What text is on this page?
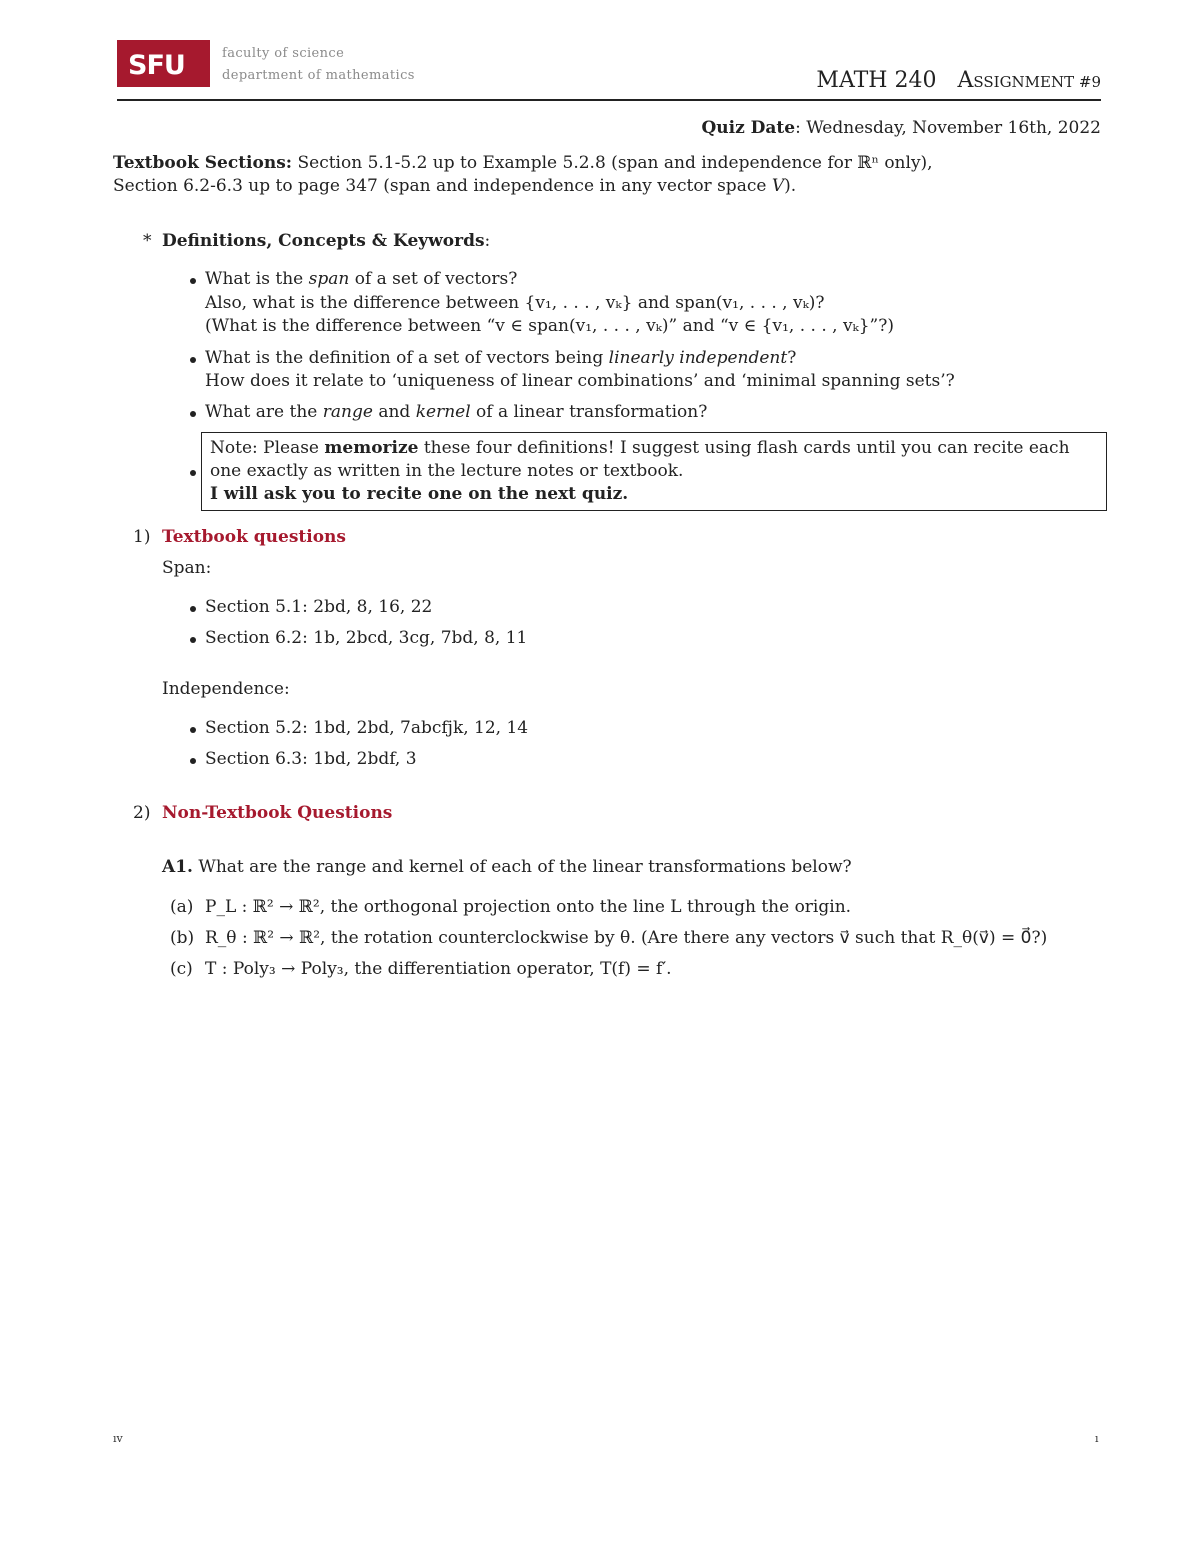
SFU	faculty of science
department of mathematics	MATH 240 ASSIGNMENT #9
Quiz Date: Wednesday, November 16th, 2022
Textbook Sections: Section 5.1-5.2 up to Example 5.2.8 (span and independence for ℝⁿ only),
Section 6.2-6.3 up to page 347 (span and independence in any vector space V).
* Definitions, Concepts & Keywords:
What is the span of a set of vectors?
Also, what is the difference between {v₁, . . . , vₖ} and span(v₁, . . . , vₖ)?
(What is the difference between “v ∈ span(v₁, . . . , vₖ)” and “v ∈ {v₁, . . . , vₖ}”?)
What is the definition of a set of vectors being linearly independent?
How does it relate to ‘uniqueness of linear combinations’ and ‘minimal spanning sets’?
What are the range and kernel of a linear transformation?
Note: Please memorize these four definitions! I suggest using flash cards until you can recite each
one exactly as written in the lecture notes or textbook.
I will ask you to recite one on the next quiz.
1) Textbook questions
Span:
Section 5.1: 2bd, 8, 16, 22
Section 6.2: 1b, 2bcd, 3cg, 7bd, 8, 11
Independence:
Section 5.2: 1bd, 2bd, 7abcfjk, 12, 14
Section 6.3: 1bd, 2bdf, 3
2) Non-Textbook Questions
A1. What are the range and kernel of each of the linear transformations below?
(a) P_L : ℝ² → ℝ², the orthogonal projection onto the line L through the origin.
(b) R_θ : ℝ² → ℝ², the rotation counterclockwise by θ. (Are there any vectors v⃗ such that R_θ(v⃗) = 0⃗?)
(c) T : Poly₃ → Poly₃, the differentiation operator, T(f) = f′.
ıv	ı
